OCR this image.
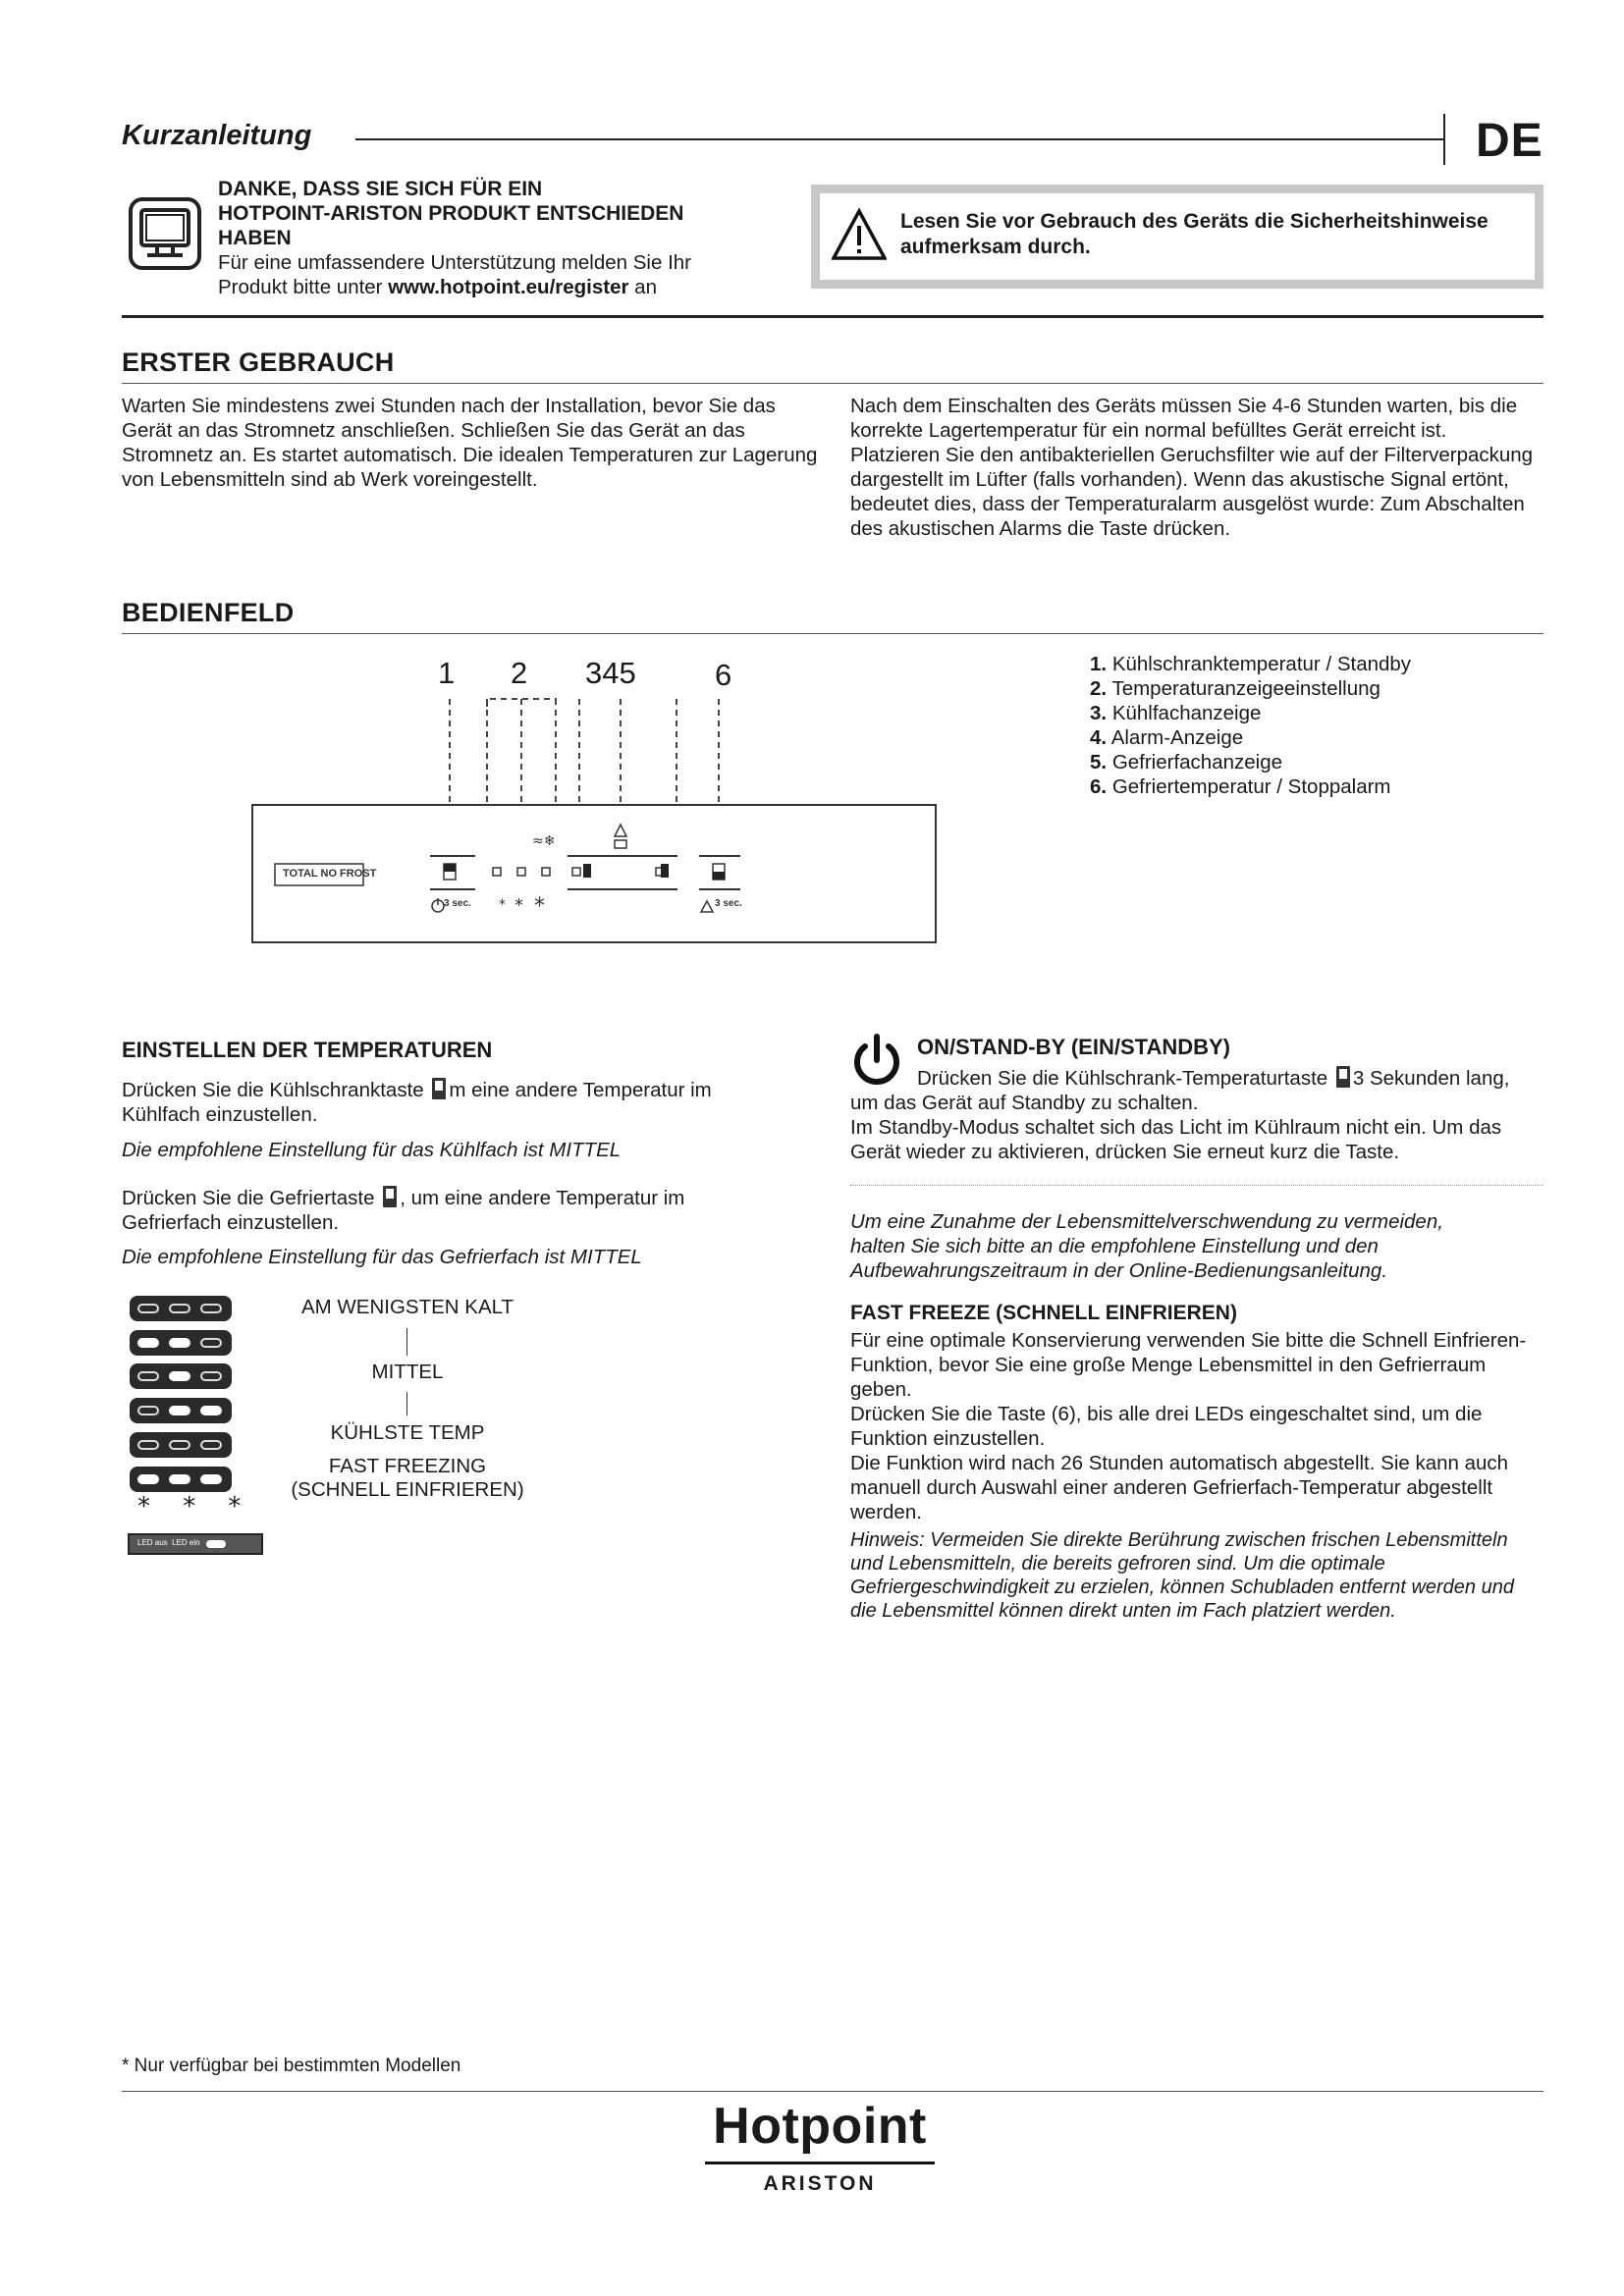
Kurzanleitung	DE
DANKE, DASS SIE SICH FÜR EIN
HOTPOINT-ARISTON PRODUKT ENTSCHIEDEN
HABEN
Für eine umfassendere Unterstützung melden Sie Ihr
Produkt bitte unter www.hotpoint.eu/register an
Lesen Sie vor Gebrauch des Geräts die Sicherheitshinweise aufmerksam durch.
ERSTER GEBRAUCH
Warten Sie mindestens zwei Stunden nach der Installation, bevor Sie das Gerät an das Stromnetz anschließen. Schließen Sie das Gerät an das Stromnetz an. Es startet automatisch. Die idealen Temperaturen zur Lagerung von Lebensmitteln sind ab Werk voreingestellt.
Nach dem Einschalten des Geräts müssen Sie 4-6 Stunden warten, bis die korrekte Lagertemperatur für ein normal befülltes Gerät erreicht ist. Platzieren Sie den antibakteriellen Geruchsfilter wie auf der Filterverpackung dargestellt im Lüfter (falls vorhanden). Wenn das akustische Signal ertönt, bedeutet dies, dass der Temperaturalarm ausgelöst wurde: Zum Abschalten des akustischen Alarms die Taste drücken.
BEDIENFELD
1 2 345	6
≈❄
* * *
TOTAL NO FROST
3 sec.	3 sec.
1. Kühlschranktemperatur / Standby
2. Temperaturanzeigeeinstellung
3. Kühlfachanzeige
4. Alarm-Anzeige
5. Gefrierfachanzeige
6. Gefriertemperatur / Stoppalarm
EINSTELLEN DER TEMPERATUREN
Drücken Sie die Kühlschranktaste m eine andere Temperatur im Kühlfach einzustellen.
Die empfohlene Einstellung für das Kühlfach ist MITTEL
Drücken Sie die Gefriertaste , um eine andere Temperatur im Gefrierfach einzustellen.
Die empfohlene Einstellung für das Gefrierfach ist MITTEL
* * *
LED aus  LED ein
AM WENIGSTEN KALT
MITTEL
KÜHLSTE TEMP
FAST FREEZING
(SCHNELL EINFRIEREN)
ON/STAND-BY (EIN/STANDBY)
Drücken Sie die Kühlschrank-Temperaturtaste 3 Sekunden lang, um das Gerät auf Standby zu schalten.
Im Standby-Modus schaltet sich das Licht im Kühlraum nicht ein. Um das Gerät wieder zu aktivieren, drücken Sie erneut kurz die Taste.
Um eine Zunahme der Lebensmittelverschwendung zu vermeiden, halten Sie sich bitte an die empfohlene Einstellung und den Aufbewahrungszeitraum in der Online-Bedienungsanleitung.
FAST FREEZE (SCHNELL EINFRIEREN)
Für eine optimale Konservierung verwenden Sie bitte die Schnell Einfrieren-Funktion, bevor Sie eine große Menge Lebensmittel in den Gefrierraum geben.
Drücken Sie die Taste (6), bis alle drei LEDs eingeschaltet sind, um die Funktion einzustellen.
Die Funktion wird nach 26 Stunden automatisch abgestellt. Sie kann auch manuell durch Auswahl einer anderen Gefrierfach-Temperatur abgestellt werden.
Hinweis: Vermeiden Sie direkte Berührung zwischen frischen Lebensmitteln und Lebensmitteln, die bereits gefroren sind. Um die optimale Gefriergeschwindigkeit zu erzielen, können Schubladen entfernt werden und die Lebensmittel können direkt unten im Fach platziert werden.
* Nur verfügbar bei bestimmten Modellen
Hotpoint
ARISTON
